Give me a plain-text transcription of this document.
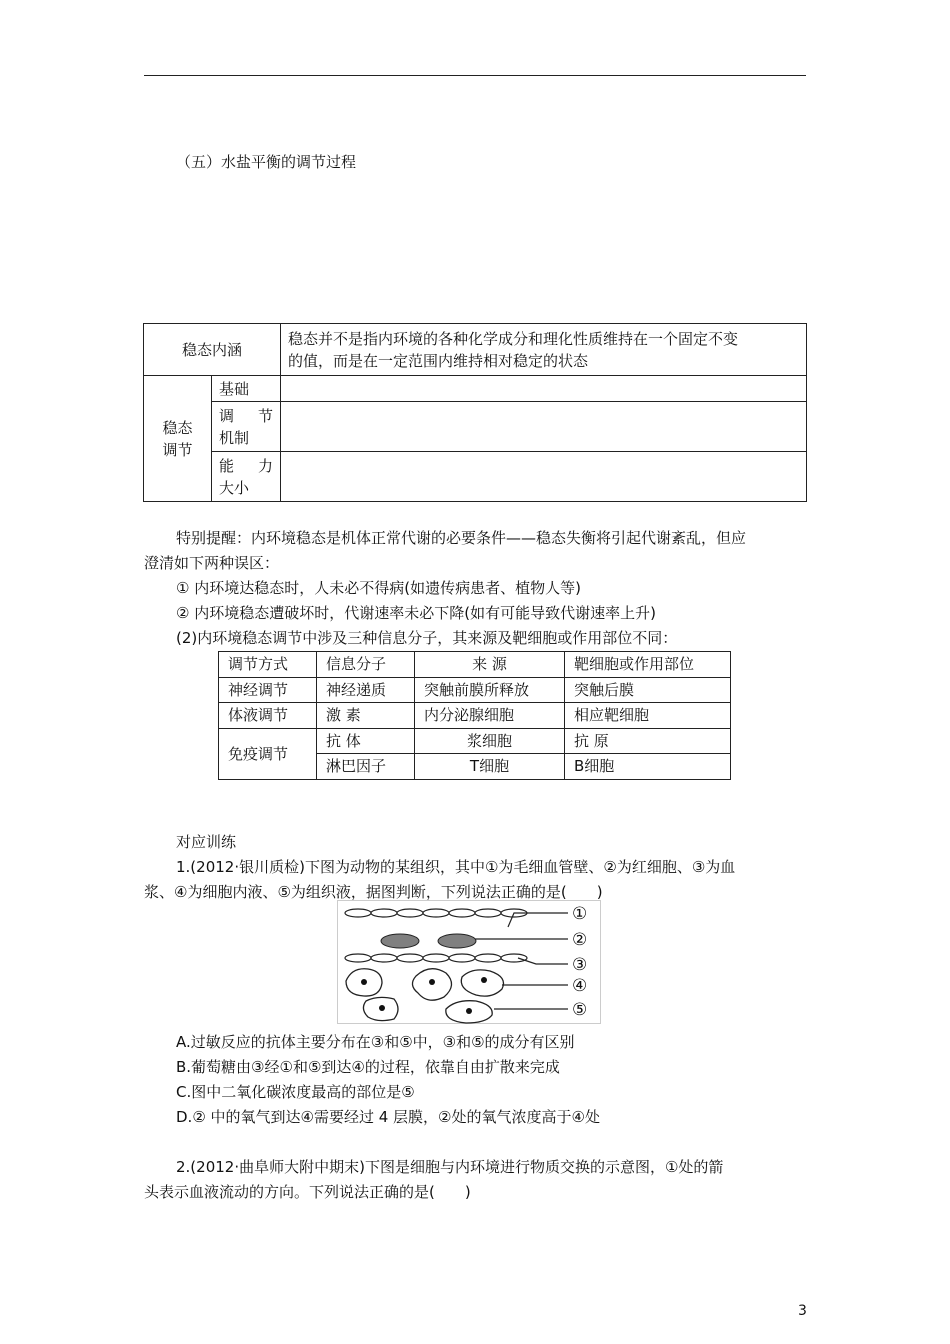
（五）水盐平衡的调节过程
稳态内涵		稳态并不是指内环境的各种化学成分和理化性质维持在一个固定不变
的值，而是在一定范围内维持相对稳定的状态

稳态
调节	基础	

	调 节
机制	

	能 力
大小	

特别提醒：内环境稳态是机体正常代谢的必要条件——稳态失衡将引起代谢紊乱，但应
澄清如下两种误区：
① 内环境达稳态时，人未必不得病(如遗传病患者、植物人等)
② 内环境稳态遭破坏时，代谢速率未必下降(如有可能导致代谢速率上升)
(2)内环境稳态调节中涉及三种信息分子，其来源及靶细胞或作用部位不同：
调节方式	信息分子	来 源	靶细胞或作用部位
神经调节	神经递质	突触前膜所释放	突触后膜
体液调节	激 素	内分泌腺细胞	相应靶细胞
免疫调节	抗 体	浆细胞	抗 原
	淋巴因子	T细胞	B细胞
对应训练
1.(2012·银川质检)下图为动物的某组织，其中①为毛细血管壁、②为红细胞、③为血
浆、④为细胞内液、⑤为组织液，据图判断，下列说法正确的是(　　)
①
②
③
④
⑤
A.过敏反应的抗体主要分布在③和⑤中，③和⑤的成分有区别
B.葡萄糖由③经①和⑤到达④的过程，依靠自由扩散来完成
C.图中二氧化碳浓度最高的部位是⑤
D.② 中的氧气到达④需要经过 4 层膜，②处的氧气浓度高于④处
2.(2012·曲阜师大附中期末)下图是细胞与内环境进行物质交换的示意图，①处的箭
头表示血液流动的方向。下列说法正确的是(　　)
3
